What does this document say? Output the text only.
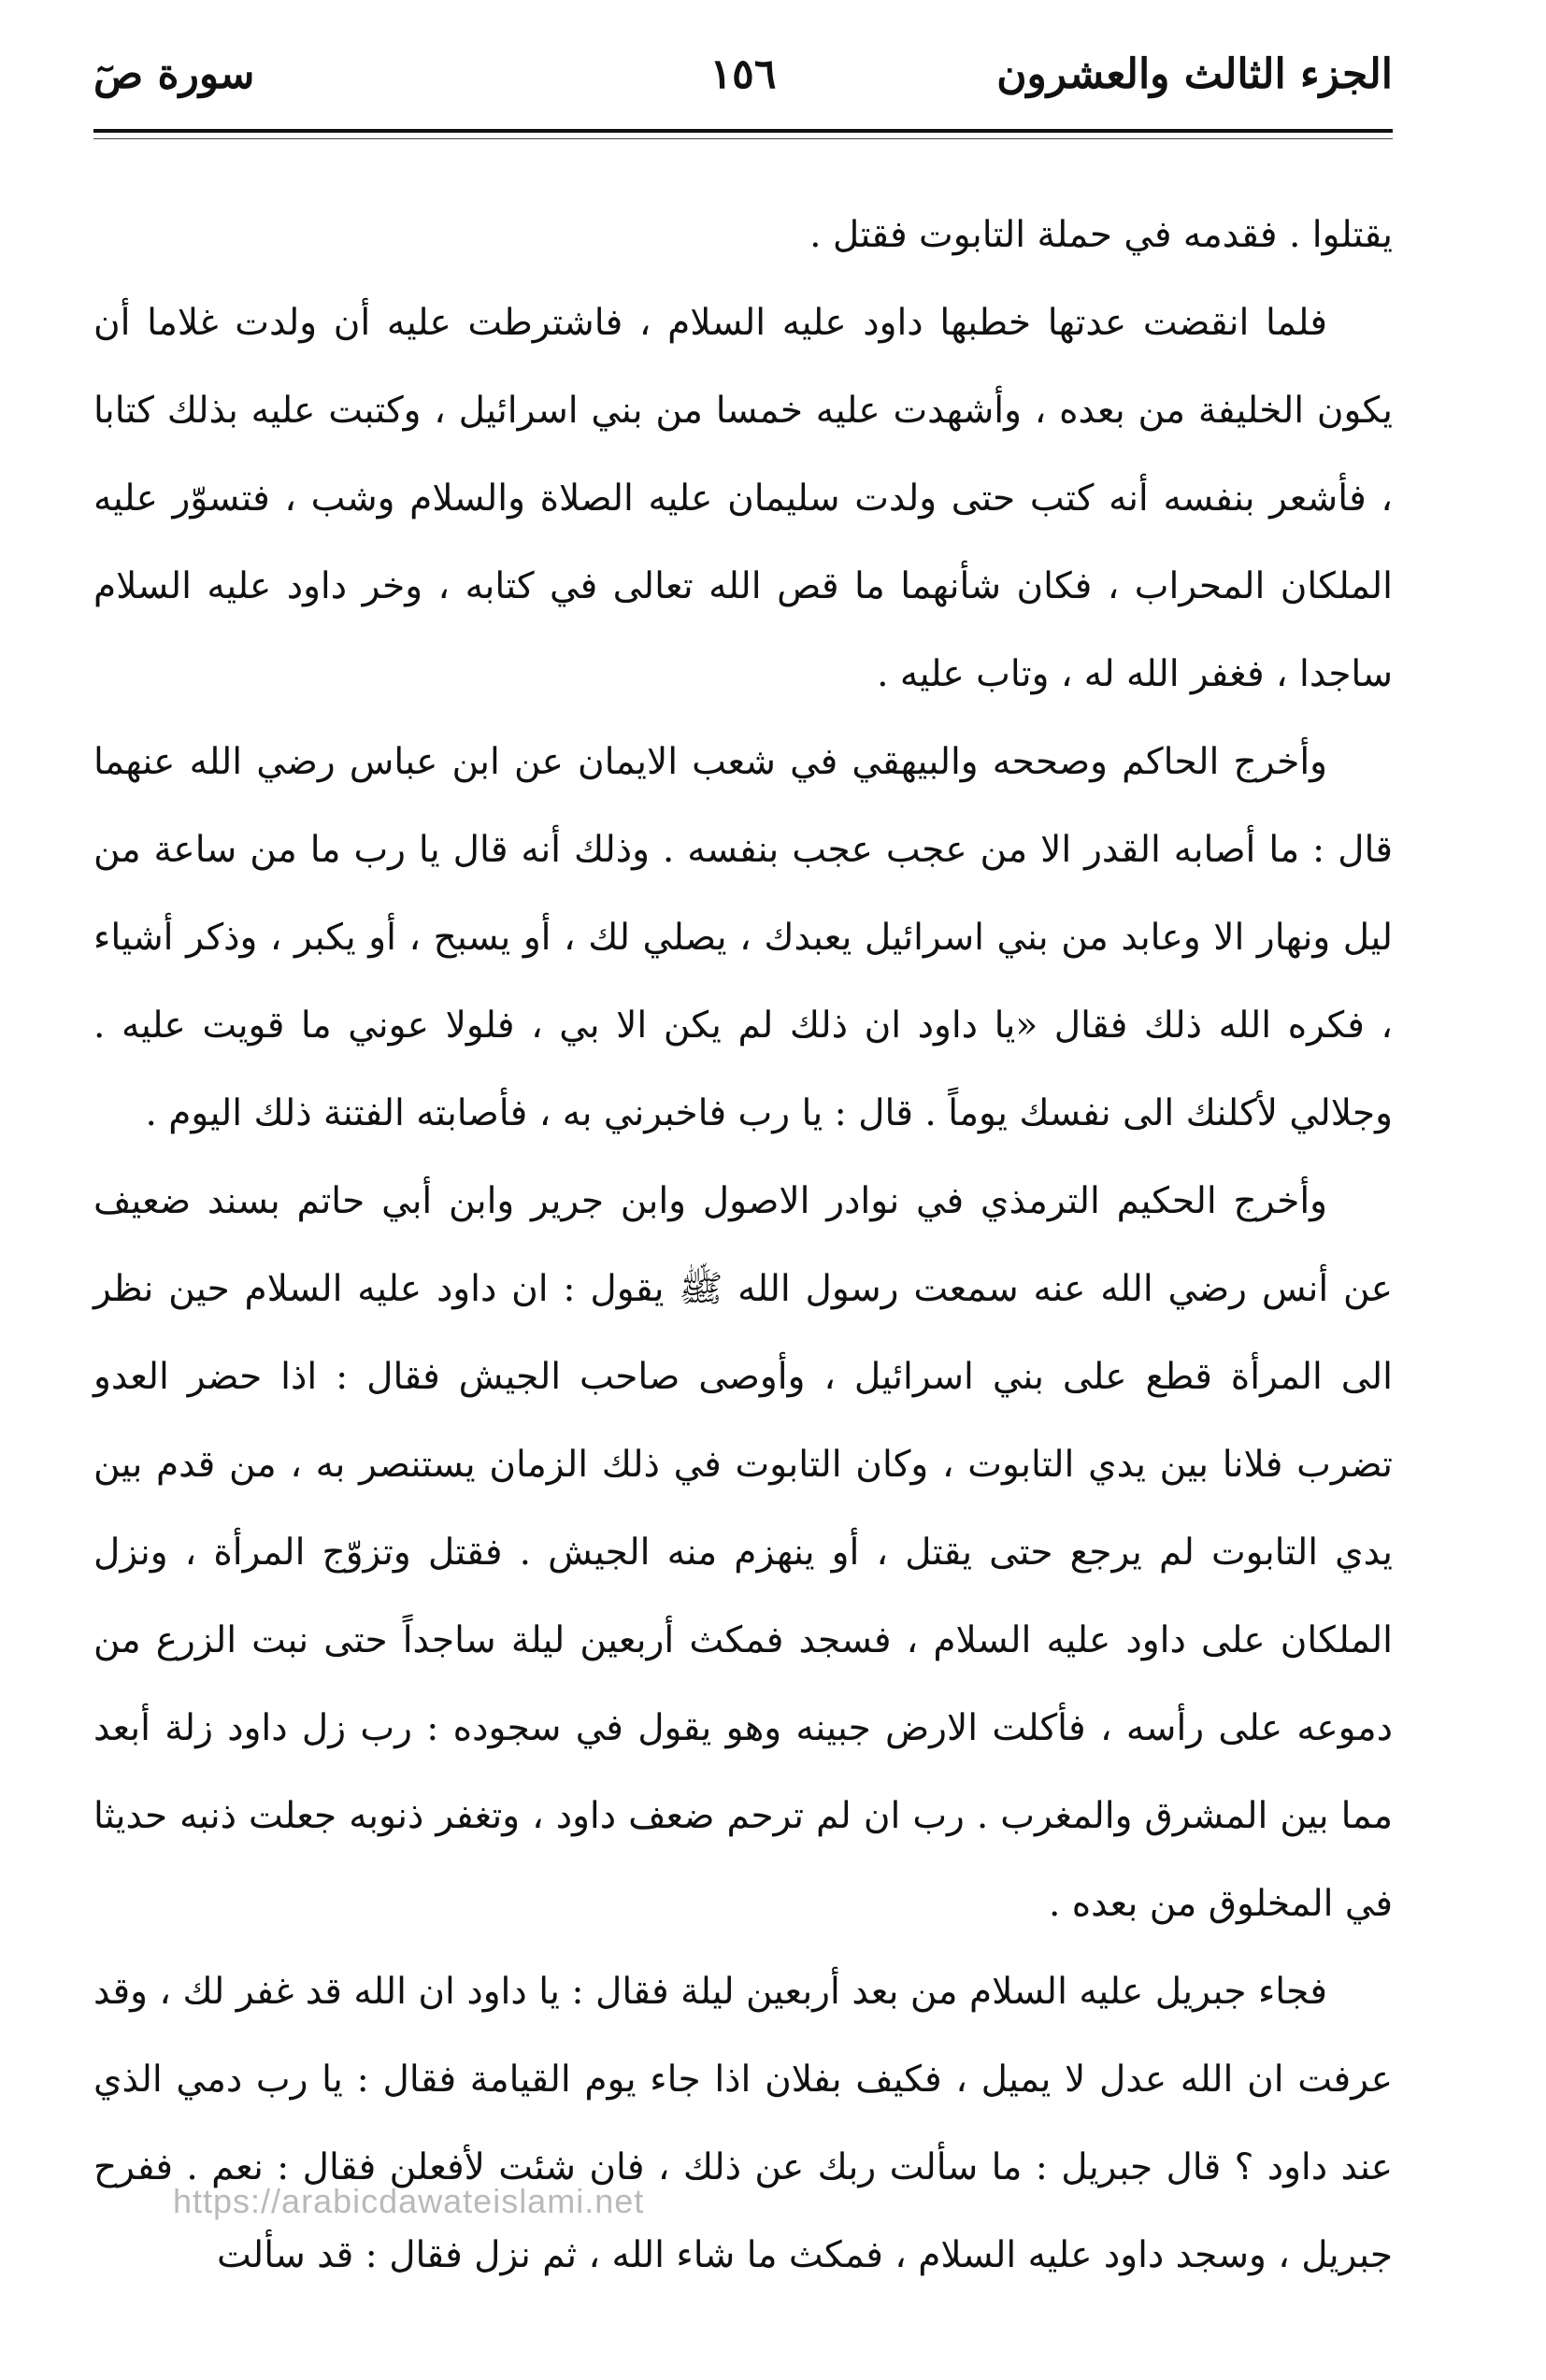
الجزء الثالث والعشرون
١٥٦
سورة صٓ

يقتلوا . فقدمه في حملة التابوت فقتل .

فلما انقضت عدتها خطبها داود عليه السلام ، فاشترطت عليه أن ولدت غلاما أن يكون الخليفة من بعده ، وأشهدت عليه خمسا من بني اسرائيل ، وكتبت عليه بذلك كتابا ، فأشعر بنفسه أنه كتب حتى ولدت سليمان عليه الصلاة والسلام وشب ، فتسوّر عليه الملكان المحراب ، فكان شأنهما ما قص الله تعالى في كتابه ، وخر داود عليه السلام ساجدا ، فغفر الله له ، وتاب عليه .

وأخرج الحاكم وصححه والبيهقي في شعب الايمان عن ابن عباس رضي الله عنهما قال : ما أصابه القدر الا من عجب عجب بنفسه . وذلك أنه قال يا رب ما من ساعة من ليل ونهار الا وعابد من بني اسرائيل يعبدك ، يصلي لك ، أو يسبح ، أو يكبر ، وذكر أشياء ، فكره الله ذلك فقال «يا داود ان ذلك لم يكن الا بي ، فلولا عوني ما قويت عليه . وجلالي لأكلنك الى نفسك يوماً . قال : يا رب فاخبرني به ، فأصابته الفتنة ذلك اليوم .

وأخرج الحكيم الترمذي في نوادر الاصول وابن جرير وابن أبي حاتم بسند ضعيف عن أنس رضي الله عنه سمعت رسول الله ﷺ يقول : ان داود عليه السلام حين نظر الى المرأة قطع على بني اسرائيل ، وأوصى صاحب الجيش فقال : اذا حضر العدو تضرب فلانا بين يدي التابوت ، وكان التابوت في ذلك الزمان يستنصر به ، من قدم بين يدي التابوت لم يرجع حتى يقتل ، أو ينهزم منه الجيش . فقتل وتزوّج المرأة ، ونزل الملكان على داود عليه السلام ، فسجد فمكث أربعين ليلة ساجداً حتى نبت الزرع من دموعه على رأسه ، فأكلت الارض جبينه وهو يقول في سجوده : رب زل داود زلة أبعد مما بين المشرق والمغرب . رب ان لم ترحم ضعف داود ، وتغفر ذنوبه جعلت ذنبه حديثا في المخلوق من بعده .

فجاء جبريل عليه السلام من بعد أربعين ليلة فقال : يا داود ان الله قد غفر لك ، وقد عرفت ان الله عدل لا يميل ، فكيف بفلان اذا جاء يوم القيامة فقال : يا رب دمي الذي عند داود ؟ قال جبريل : ما سألت ربك عن ذلك ، فان شئت لأفعلن فقال : نعم . ففرح جبريل ، وسجد داود عليه السلام ، فمكث ما شاء الله ، ثم نزل فقال : قد سألت

https://arabicdawateislami.net
